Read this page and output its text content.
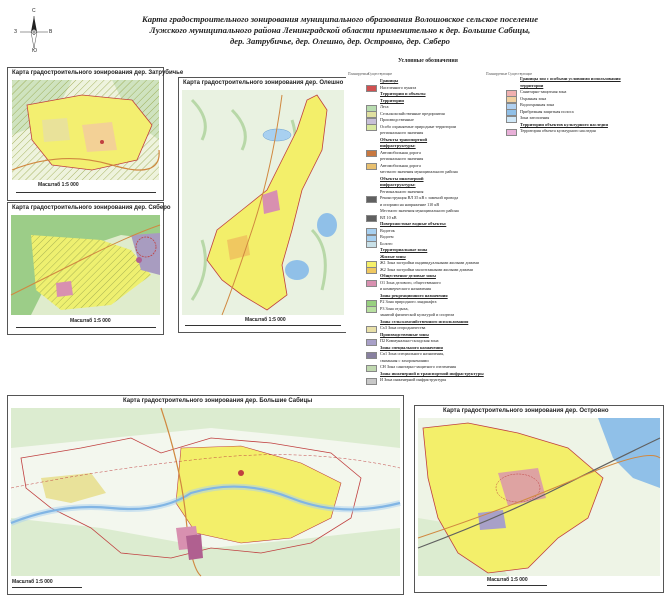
Карта градостроительного зонирования муниципального образования Волошовское сельское поселение
Лужского муниципального района Ленинградской области применительно к дер. Большие Сабицы,
дер. Затрубичье, дер. Олешно, дер. Островно, дер. Сяберо
С
Ю
З	В
Карта градостроительного зонирования дер. Затрубичье
Масштаб 1:5 000
Карта градостроительного зонирования дер. Сяберо
Масштаб 1:5 000
Карта градостроительного зонирования дер. Олешно
Масштаб 1:5 000
Условные обозначения
Планируемые
Существующие	Планируемые Существующие
Границы
Населенного пункта
Территории и объекты
Территории
Леса
Сельскохозяйственные предприятия
Производственные
Особо охраняемые природные территории
регионального значения
Объекты транспортной
инфраструктуры:
Автомобильная дорога
регионального значения
Автомобильная дорога
местного значения муниципального района
Объекты инженерной
инфраструктуры:
Регионального значения
Реконструкция ВЛ 35 кВ с заменой провода
и опорами на напряжение 110 кВ
Местного значения муниципального района
ВЛ 10 кВ
Поверхностные водные объекты:
Водоток
Водоем
Болото
Территориальные зоны
Жилые зоны
Ж1 Зона застройки индивидуальными жилыми домами
Ж2 Зона застройки малоэтажными жилыми домами
Общественно-деловые зоны
О1 Зона делового, общественного
и коммерческого назначения
Зоны рекреационного назначения
Р2 Зона природного ландшафта
Р3 Зона отдыха,
занятий физической культурой и спортом
Зоны сельскохозяйственного использования
Сх3 Зона огородничества
Производственные зоны
П2 Коммунально-складская зона
Зоны специального назначения
Сп1 Зона специального назначения,
связанная с захоронениями
СН Зона санитарно-защитного озеленения
Зоны инженерной и транспортной инфраструктуры
И Зона инженерной инфраструктуры
Границы зон с особыми условиями использования
территории
Санитарно-защитная зона
Охранная зона
Водоохранная зона
Прибрежная защитная полоса
Зона затопления
Территории объектов культурного наследия
Территория объекта культурного наследия
Карта градостроительного зонирования дер. Большие Сабицы
Масштаб 1:5 000
Карта градостроительного зонирования дер. Островно
Масштаб 1:5 000
